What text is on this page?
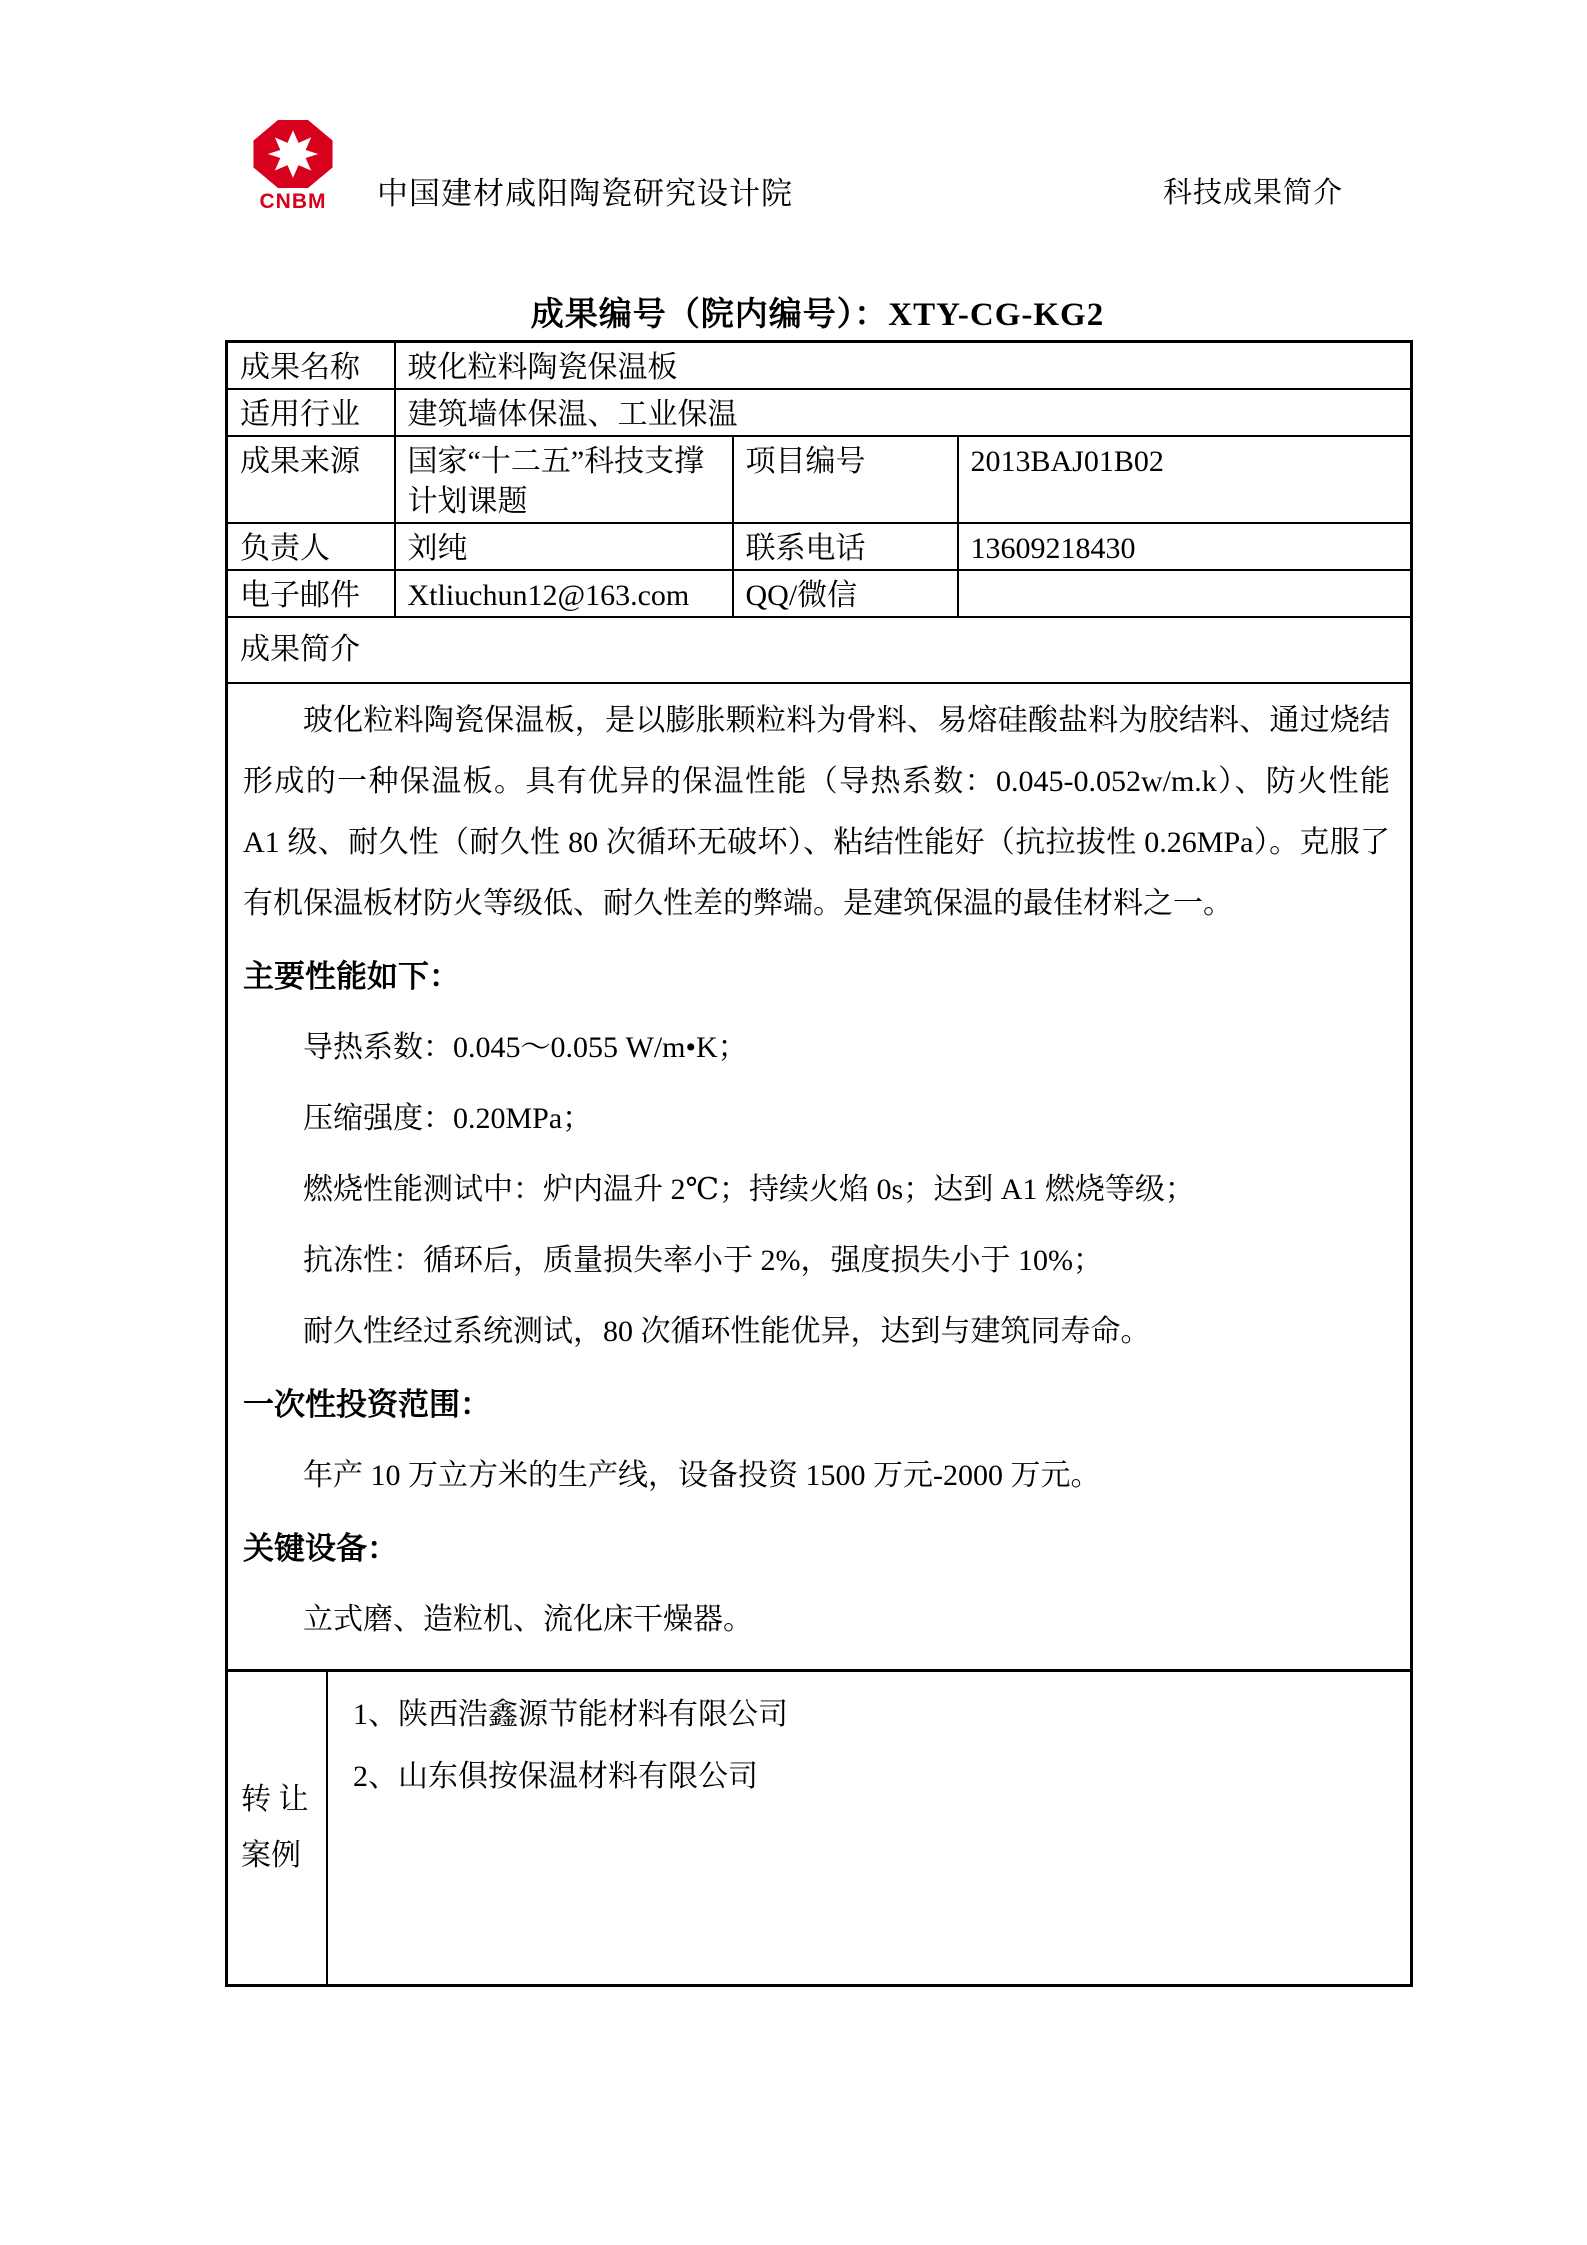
CNBM	中国建材咸阳陶瓷研究设计院	科技成果简介
成果编号（院内编号）：XTY-CG-KG2
成果名称	玻化粒料陶瓷保温板		
适用行业	建筑墙体保温、工业保温		
成果来源	国家“十二五”科技支撑计划课题	项目编号	2013BAJ01B02
负责人	刘纯	联系电话	13609218430
电子邮件	Xtliuchun12@163.com	QQ/微信	
成果简介			

玻化粒料陶瓷保温板，是以膨胀颗粒料为骨料、易熔硅酸盐料为胶结料、通过烧结形成的一种保温板。具有优异的保温性能（导热系数：0.045-0.052w/m.k）、防火性能 A1 级、耐久性（耐久性 80 次循环无破坏）、粘结性能好（抗拉拔性 0.26MPa）。克服了有机保温板材防火等级低、耐久性差的弊端。是建筑保温的最佳材料之一。
主要性能如下：
导热系数：0.045～0.055 W/m•K；
压缩强度：0.20MPa；
燃烧性能测试中：炉内温升 2℃；持续火焰 0s；达到 A1 燃烧等级；
抗冻性：循环后，质量损失率小于 2%，强度损失小于 10%；
耐久性经过系统测试，80 次循环性能优异，达到与建筑同寿命。
一次性投资范围：
年产 10 万立方米的生产线，设备投资 1500 万元-2000 万元。
关键设备：
立式磨、造粒机、流化床干燥器。

转 让
案例
1、陕西浩鑫源节能材料有限公司
2、山东俱按保温材料有限公司			
